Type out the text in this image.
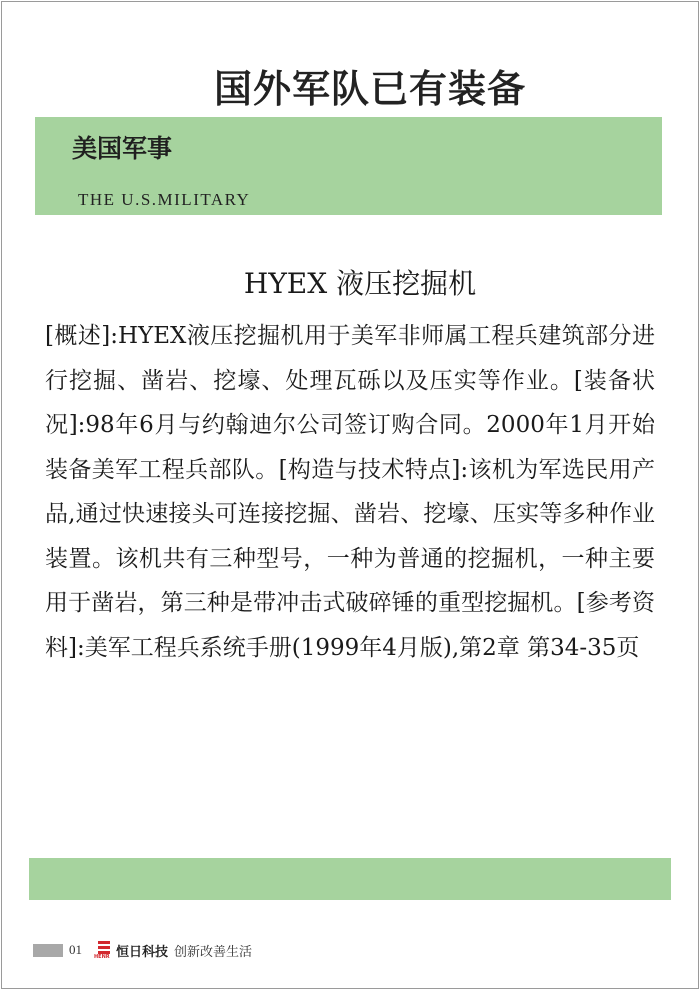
国外军队已有装备
美国军事
THE U.S.MILITARY
HYEX 液压挖掘机
[概述]:HYEX液压挖掘机用于美军非师属工程兵建筑部分进行挖掘、凿岩、挖壕、处理瓦砾以及压实等作业。[装备状况]:98年6月与约翰迪尔公司签订购合同。2000年1月开始装备美军工程兵部队。[构造与技术特点]:该机为军选民用产品,通过快速接头可连接挖掘、凿岩、挖壕、压实等多种作业装置。该机共有三种型号，一种为普通的挖掘机，一种主要用于凿岩，第三种是带冲击式破碎锤的重型挖掘机。[参考资料]:美军工程兵系统手册(1999年4月版),第2章 第34-35页
01 HENR 恒日科技 创新改善生活
